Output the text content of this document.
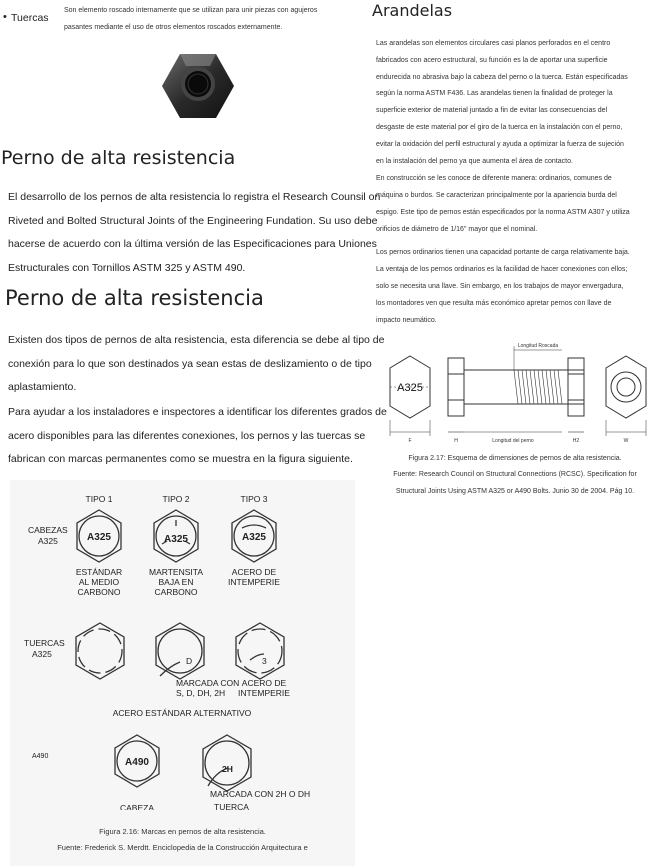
• Tuercas
Son elemento roscado internamente que se utilizan para unir piezas con agujeros
pasantes mediante el uso de otros elementos roscados externamente.
Perno de alta resistencia
El desarrollo de los pernos de alta resistencia lo registra el Research Counsil on
Riveted and Bolted Structural Joints of the Engineering Fundation. Su uso debe
hacerse de acuerdo con la última versión de las Especificaciones para Uniones
Estructurales con Tornillos ASTM 325 y ASTM 490.
Perno de alta resistencia
Existen dos tipos de pernos de alta resistencia, esta diferencia se debe al tipo de
conexión para lo que son destinados ya sean estas de deslizamiento o de tipo
aplastamiento.
Para ayudar a los instaladores e inspectores a identificar los diferentes grados de
acero disponibles para las diferentes conexiones, los pernos y las tuercas se
fabrican con marcas permanentes como se muestra en la figura siguiente.
TIPO 1	TIPO 2	TIPO 3
CABEZAS
A325	A325	A325	A325
ESTÁNDAR
AL MEDIO
CARBONO
MARTENSITA
BAJA EN
CARBONO
ACERO DE
INTEMPERIE
TUERCAS
A325
D	3
MARCADA CON
S, D, DH, 2H
ACERO DE
INTEMPERIE
ACERO ESTÁNDAR ALTERNATIVO
A490
A490
2H
MARCADA CON 2H O DH
CABEZA	TUERCA
Figura 2.16: Marcas en pernos de alta resistencia.
Fuente: Frederick S. Merdtt. Enciclopedia de la Construcción Arquitectura e
Arandelas
Las arandelas son elementos circulares casi planos perforados en el centro
fabricados con acero estructural, su función es la de aportar una superficie
endurecida no abrasiva bajo la cabeza del perno o la tuerca. Están especificadas
según la norma ASTM F436. Las arandelas tienen la finalidad de proteger la
superficie exterior de material juntado a fin de evitar las consecuencias del
desgaste de este material por el giro de la tuerca en la instalación con el perno,
evitar la oxidación del perfil estructural y ayuda a optimizar la fuerza de sujeción
en la instalación del perno ya que aumenta el área de contacto.
En construcción se les conoce de diferente manera: ordinarios, comunes de
máquina o burdos. Se caracterizan principalmente por la apariencia burda del
espigo. Este tipo de pernos están especificados por la norma ASTM A307 y utiliza
orificios de diámetro de 1/16" mayor que el nominal.
Los pernos ordinarios tienen una capacidad portante de carga relativamente baja.
La ventaja de los pernos ordinarios es la facilidad de hacer conexiones con ellos;
solo se necesita una llave. Sin embargo, en los trabajos de mayor envergadura,
los montadores ven que resulta más económico apretar pernos con llave de
impacto neumático.
Longitud Roscada
A325
F	H	Longitud del perno	H2	W
Figura 2.17: Esquema de dimensiones de pernos de alta resistencia.
Fuente: Research Council on Structural Connections (RCSC). Specification for
Structural Joints Using ASTM A325 or A490 Bolts. Junio 30 de 2004. Pág 10.
